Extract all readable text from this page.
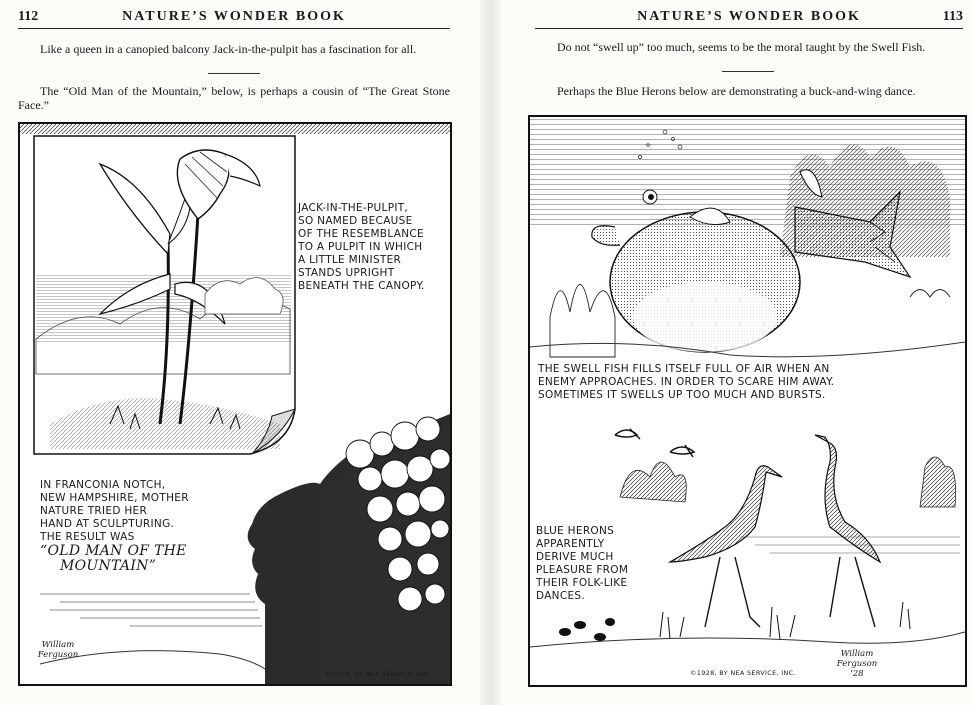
112	NATURE’S WONDER BOOK
Like a queen in a canopied balcony Jack-in-the-pulpit has a fascination for all.
The “Old Man of the Mountain,” below, is perhaps a cousin of “The Great Stone Face.”
JACK-IN-THE-PULPIT,
SO NAMED BECAUSE
OF THE RESEMBLANCE
TO A PULPIT IN WHICH
A LITTLE MINISTER
STANDS UPRIGHT
BENEATH THE CANOPY.
IN FRANCONIA NOTCH,
NEW HAMPSHIRE, MOTHER
NATURE TRIED HER
HAND AT SCULPTURING.
THE RESULT WAS
“OLD MAN OF THE
MOUNTAIN”
William
Ferguson
©1929, BY NEA SERVICE, INC.
NATURE’S WONDER BOOK	113
Do not “swell up” too much, seems to be the moral taught by the Swell Fish.
Perhaps the Blue Herons below are demonstrating a buck-and-wing dance.
THE SWELL FISH FILLS ITSELF FULL OF AIR WHEN AN
ENEMY APPROACHES. IN ORDER TO SCARE HIM AWAY.
SOMETIMES IT SWELLS UP TOO MUCH AND BURSTS.
BLUE HERONS
APPARENTLY
DERIVE MUCH
PLEASURE FROM
THEIR FOLK-LIKE
DANCES.
©1928, BY NEA SERVICE, INC.
William
Ferguson
'28
